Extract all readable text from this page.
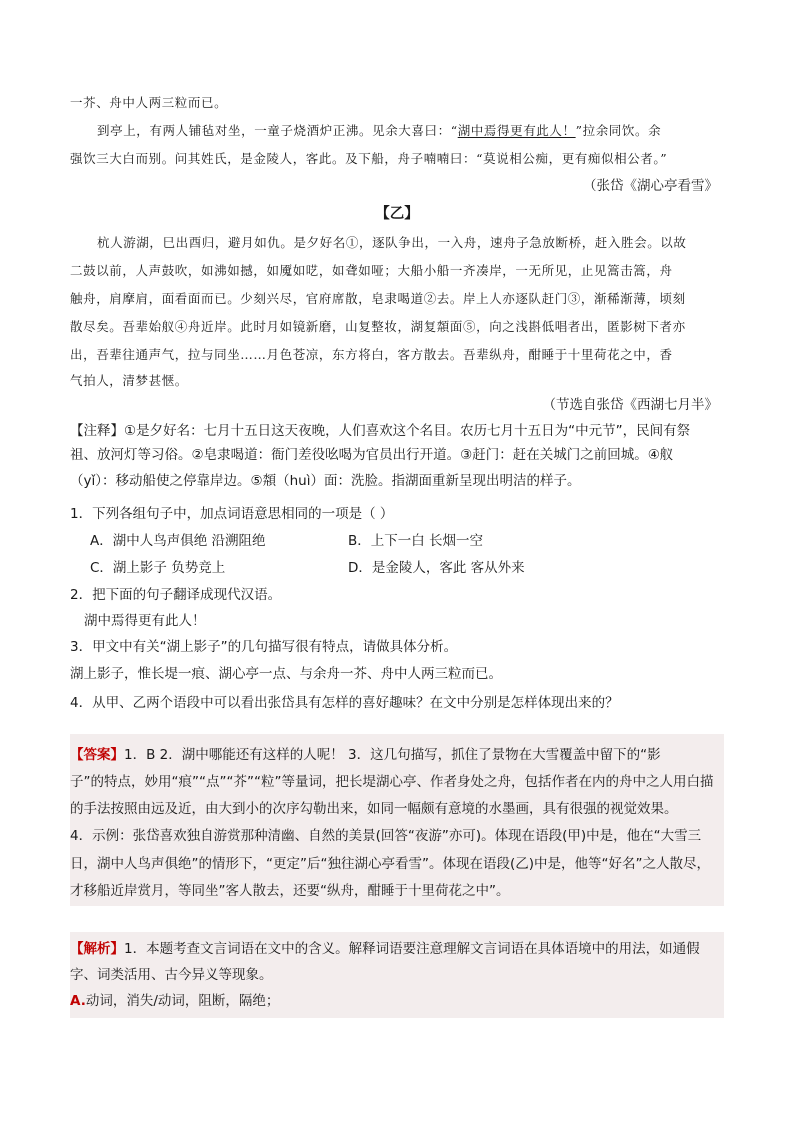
一芥、舟中人两三粒而已。
到亭上，有两人铺毡对坐，一童子烧酒炉正沸。见余大喜曰：“湖中焉得更有此人！”拉余同饮。余
强饮三大白而别。问其姓氏，是金陵人，客此。及下船，舟子喃喃曰：“莫说相公痴，更有痴似相公者。”
（张岱《湖心亭看雪》
【乙】
杭人游湖，巳出酉归，避月如仇。是夕好名①，逐队争出，一入舟，速舟子急放断桥，赶入胜会。以故
二鼓以前，人声鼓吹，如沸如撼，如魇如呓，如聋如哑；大船小船一齐凑岸，一无所见，止见篙击篙，舟
触舟，肩摩肩，面看面而已。少刻兴尽，官府席散，皂隶喝道②去。岸上人亦逐队赶门③，渐稀渐薄，顷刻
散尽矣。吾辈始舣④舟近岸。此时月如镜新磨，山复整妆，湖复頮面⑤，向之浅斟低唱者出，匿影树下者亦
出，吾辈往通声气，拉与同坐……月色苍凉，东方将白，客方散去。吾辈纵舟，酣睡于十里荷花之中，香
气拍人，清梦甚惬。
（节选自张岱《西湖七月半》
【注释】①是夕好名：七月十五日这天夜晚，人们喜欢这个名目。农历七月十五日为“中元节”，民间有祭
祖、放河灯等习俗。②皂隶喝道：衙门差役吆喝为官员出行开道。③赶门：赶在关城门之前回城。④舣
（yǐ）：移动船使之停靠岸边。⑤頮（huì）面：洗脸。指湖面重新呈现出明洁的样子。
1．下列各组句子中，加点词语意思相同的一项是（ ）
A．湖中人鸟声俱绝 沿溯阻绝	B．上下一白 长烟一空
C．湖上影子 负势竞上	D．是金陵人，客此 客从外来
2．把下面的句子翻译成现代汉语。
湖中焉得更有此人！
3．甲文中有关“湖上影子”的几句描写很有特点，请做具体分析。
湖上影子，惟长堤一痕、湖心亭一点、与余舟一芥、舟中人两三粒而已。
4．从甲、乙两个语段中可以看出张岱具有怎样的喜好趣味？在文中分别是怎样体现出来的？
【答案】1．B 2．湖中哪能还有这样的人呢！ 3．这几句描写，抓住了景物在大雪覆盖中留下的“影
子”的特点，妙用“痕”“点”“芥”“粒”等量词，把长堤湖心亭、作者身处之舟，包括作者在内的舟中之人用白描
的手法按照由远及近，由大到小的次序勾勒出来，如同一幅颇有意境的水墨画，具有很强的视觉效果。
4．示例：张岱喜欢独自游赏那种清幽、自然的美景(回答“夜游”亦可)。体现在语段(甲)中是，他在“大雪三
日，湖中人鸟声俱绝”的情形下，“更定”后“独往湖心亭看雪”。体现在语段(乙)中是，他等“好名”之人散尽，
才移船近岸赏月，等同坐”客人散去，还要“纵舟，酣睡于十里荷花之中”。
【解析】1．本题考查文言词语在文中的含义。解释词语要注意理解文言词语在具体语境中的用法，如通假
字、词类活用、古今异义等现象。
A.动词，消失/动词，阻断，隔绝；
